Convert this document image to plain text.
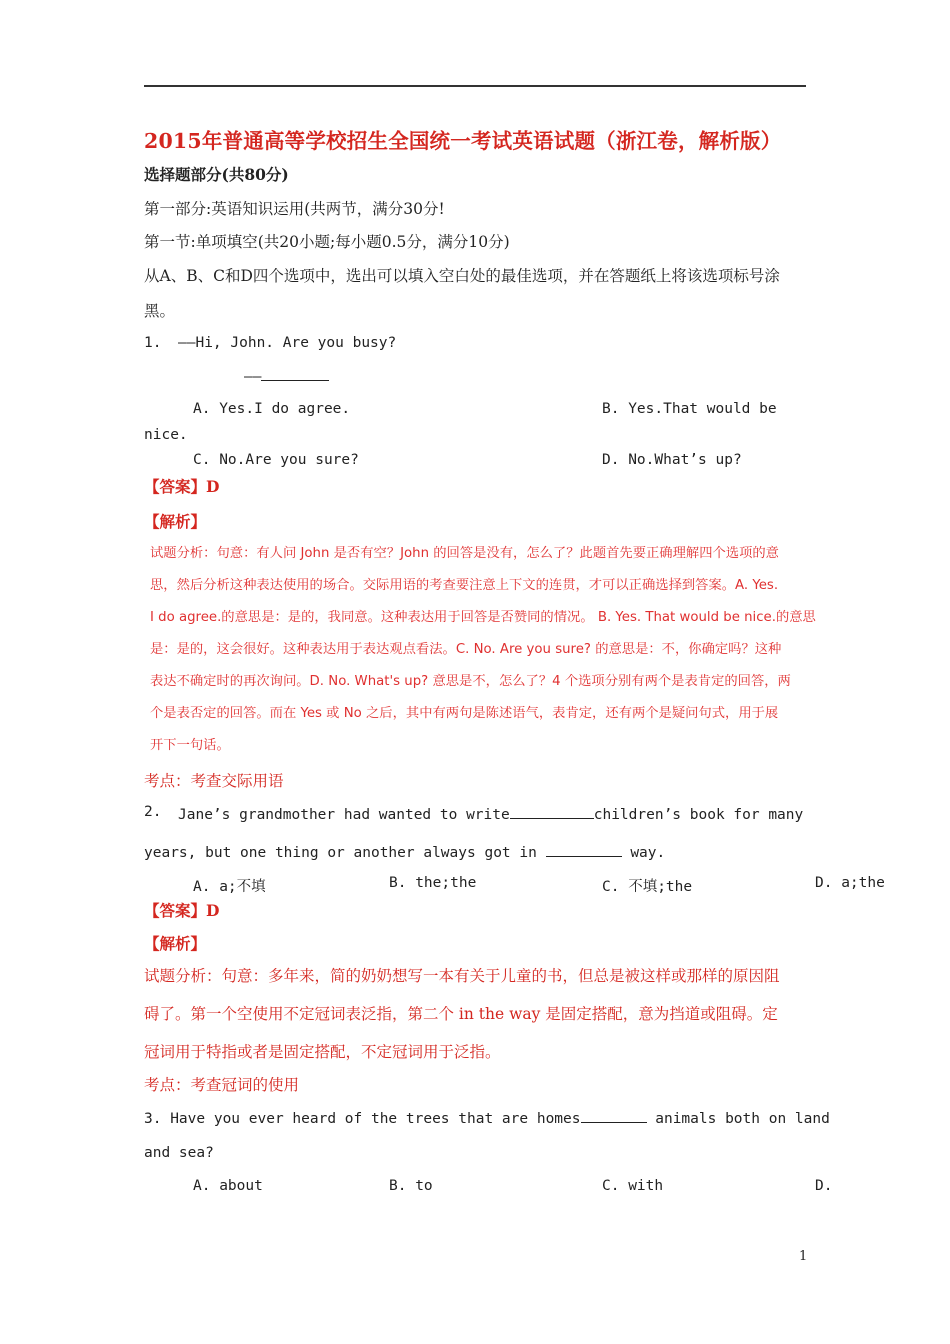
2015年普通高等学校招生全国统一考试英语试题（浙江卷，解析版）
选择题部分(共80分)
第一部分:英语知识运用(共两节，满分30分!
第一节:单项填空(共20小题;每小题0.5分，满分10分)
从A、B、C和D四个选项中，选出可以填入空白处的最佳选项，并在答题纸上将该选项标号涂
黑。
1. ——Hi, John. Are you busy?
——
A. Yes.I do agree.	B. Yes.That would be
nice.
C. No.Are you sure?	D. No.What’s up?
【答案】D
【解析】
试题分析：句意：有人问 John 是否有空？John 的回答是没有，怎么了？此题首先要正确理解四个选项的意
思，然后分析这种表达使用的场合。交际用语的考查要注意上下文的连贯，才可以正确选择到答案。A. Yes.
I do agree.的意思是：是的，我同意。这种表达用于回答是否赞同的情况。 B. Yes. That would be nice.的意思
是：是的，这会很好。这种表达用于表达观点看法。C. No. Are you sure? 的意思是：不，你确定吗？这种
表达不确定时的再次询问。D. No. What's up? 意思是不，怎么了？4 个选项分别有两个是表肯定的回答，两
个是表否定的回答。而在 Yes 或 No 之后，其中有两句是陈述语气，表肯定，还有两个是疑问句式，用于展
开下一句话。
考点：考查交际用语
2. Jane’s grandmother had wanted to write	children’s book for many
years, but one thing or another always got in	way.
A. a;不填	B. the;the	C. 不填;the	D. a;the
【答案】D
【解析】
试题分析：句意：多年来，简的奶奶想写一本有关于儿童的书，但总是被这样或那样的原因阻
碍了。第一个空使用不定冠词表泛指，第二个 in the way 是固定搭配，意为挡道或阻碍。定
冠词用于特指或者是固定搭配，不定冠词用于泛指。
考点：考查冠词的使用
3. Have you ever heard of the trees that are homes	animals both on land
and sea?
A. about	B. to	C. with	D.
1
